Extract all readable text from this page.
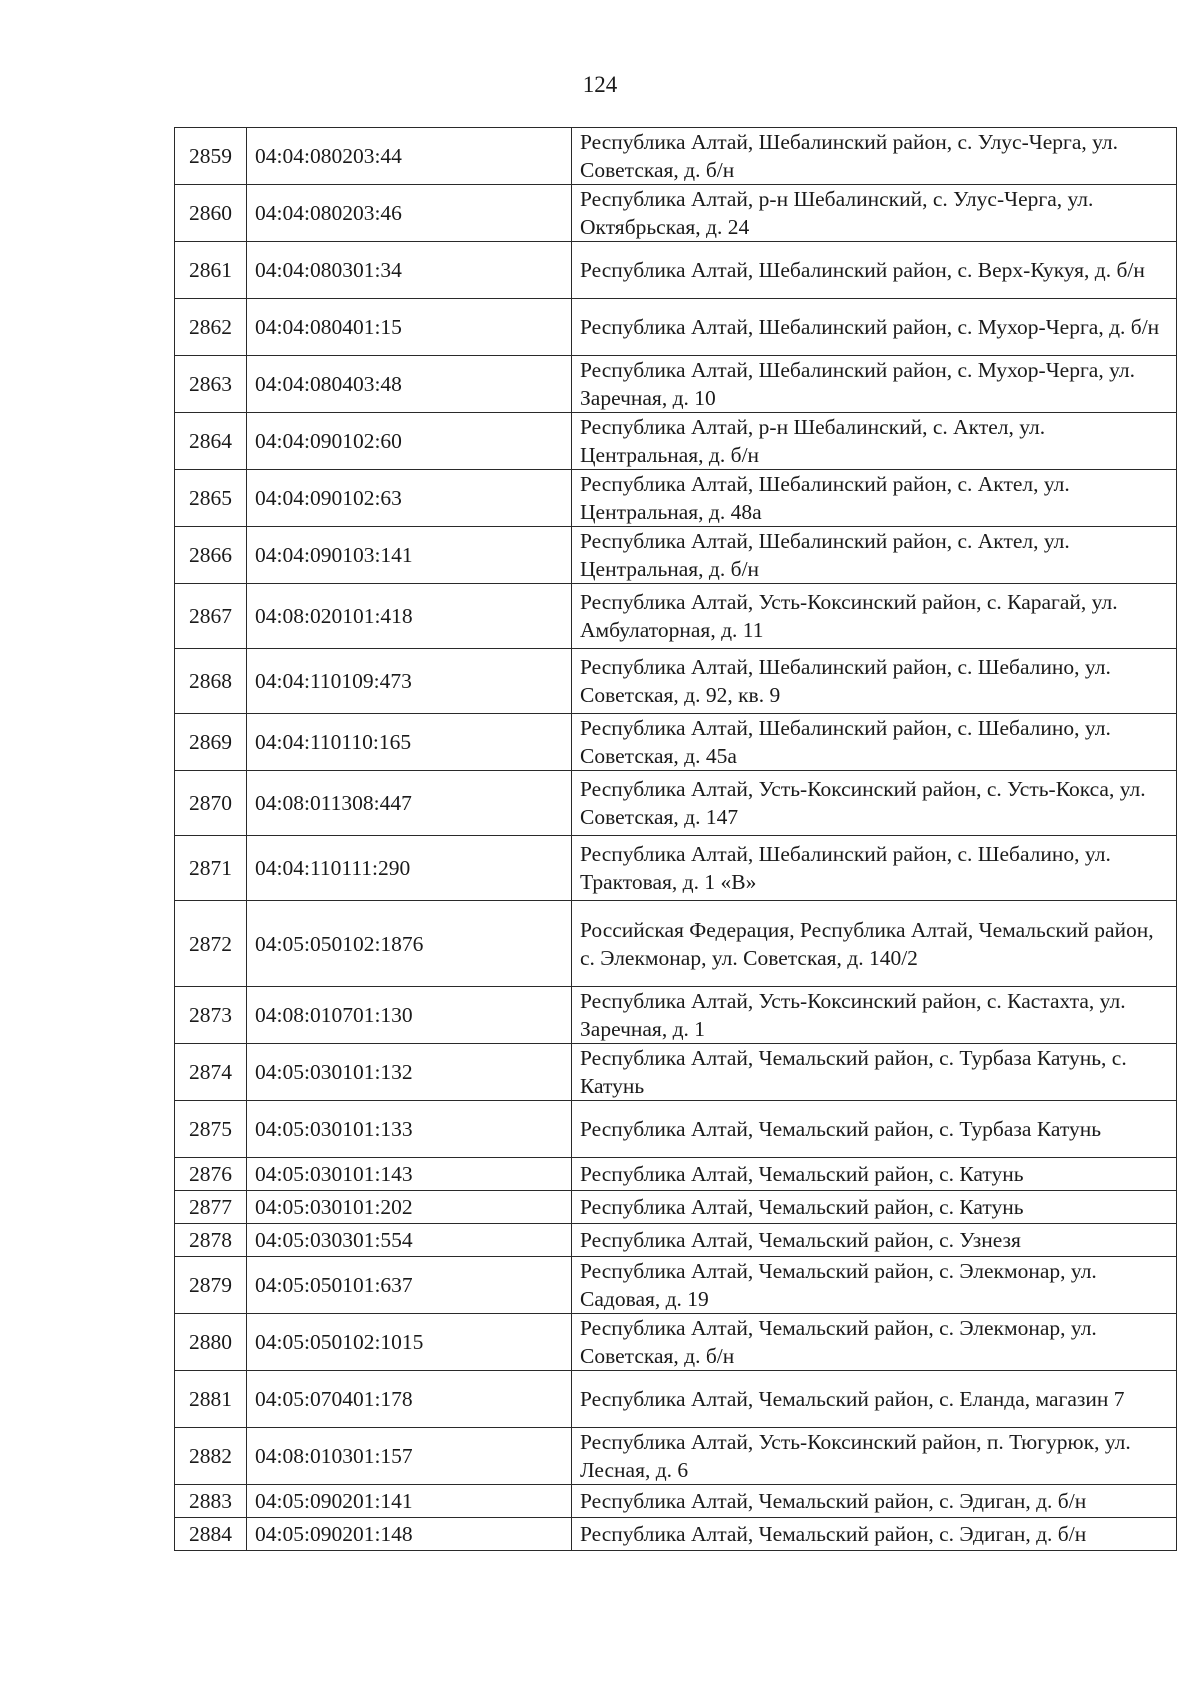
124
2859	04:04:080203:44	Республика Алтай, Шебалинский район, с. Улус-Черга, ул. Советская, д. б/н
2860	04:04:080203:46	Республика Алтай, р-н Шебалинский, с. Улус-Черга, ул. Октябрьская, д. 24
2861	04:04:080301:34	Республика Алтай, Шебалинский район, с. Верх-Кукуя, д. б/н
2862	04:04:080401:15	Республика Алтай, Шебалинский район, с. Мухор-Черга, д. б/н
2863	04:04:080403:48	Республика Алтай, Шебалинский район, с. Мухор-Черга, ул. Заречная, д. 10
2864	04:04:090102:60	Республика Алтай, р-н Шебалинский, с. Актел, ул. Центральная, д. б/н
2865	04:04:090102:63	Республика Алтай, Шебалинский район, с. Актел, ул. Центральная, д. 48а
2866	04:04:090103:141	Республика Алтай, Шебалинский район, с. Актел, ул. Центральная, д. б/н
2867	04:08:020101:418	Республика Алтай, Усть-Коксинский район, с. Карагай, ул. Амбулаторная, д. 11
2868	04:04:110109:473	Республика Алтай, Шебалинский район, с. Шебалино, ул. Советская, д. 92, кв. 9
2869	04:04:110110:165	Республика Алтай, Шебалинский район, с. Шебалино, ул. Советская, д. 45а
2870	04:08:011308:447	Республика Алтай, Усть-Коксинский район, с. Усть-Кокса, ул. Советская, д. 147
2871	04:04:110111:290	Республика Алтай, Шебалинский район, с. Шебалино, ул. Трактовая, д. 1 «В»
2872	04:05:050102:1876	Российская Федерация, Республика Алтай, Чемальский район, с. Элекмонар, ул. Советская, д. 140/2
2873	04:08:010701:130	Республика Алтай, Усть-Коксинский район, с. Кастахта, ул. Заречная, д. 1
2874	04:05:030101:132	Республика Алтай, Чемальский район, с. Турбаза Катунь, с. Катунь
2875	04:05:030101:133	Республика Алтай, Чемальский район, с. Турбаза Катунь
2876	04:05:030101:143	Республика Алтай, Чемальский район, с. Катунь
2877	04:05:030101:202	Республика Алтай, Чемальский район, с. Катунь
2878	04:05:030301:554	Республика Алтай, Чемальский район, с. Узнезя
2879	04:05:050101:637	Республика Алтай, Чемальский район, с. Элекмонар, ул. Садовая, д. 19
2880	04:05:050102:1015	Республика Алтай, Чемальский район, с. Элекмонар, ул. Советская, д. б/н
2881	04:05:070401:178	Республика Алтай, Чемальский район, с. Еланда, магазин 7
2882	04:08:010301:157	Республика Алтай, Усть-Коксинский район, п. Тюгурюк, ул. Лесная, д. 6
2883	04:05:090201:141	Республика Алтай, Чемальский район, с. Эдиган, д. б/н
2884	04:05:090201:148	Республика Алтай, Чемальский район, с. Эдиган, д. б/н
